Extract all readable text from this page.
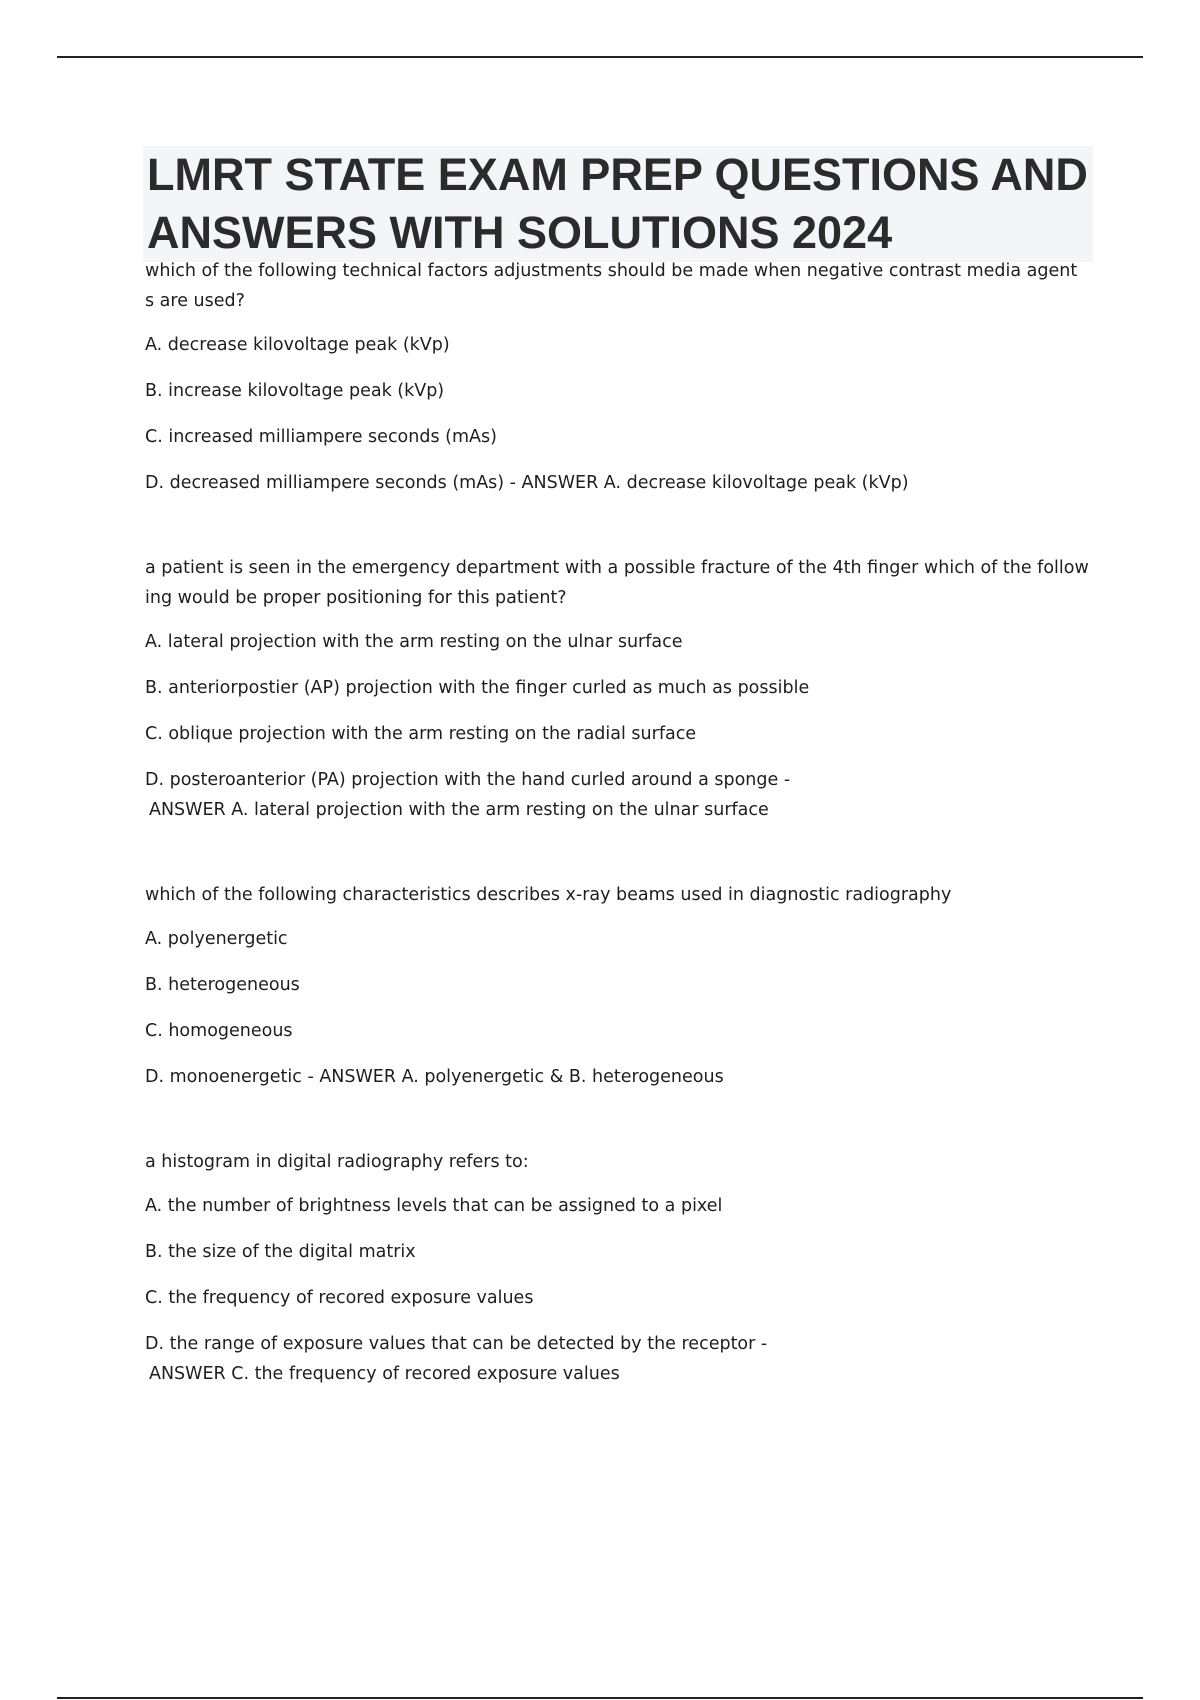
LMRT STATE EXAM PREP QUESTIONS AND ANSWERS WITH SOLUTIONS 2024

which of the following technical factors adjustments should be made when negative contrast media agent s are used?

A. decrease kilovoltage peak (kVp)

B. increase kilovoltage peak (kVp)

C. increased milliampere seconds (mAs)

D. decreased milliampere seconds (mAs) - ANSWER A. decrease kilovoltage peak (kVp)

a patient is seen in the emergency department with a possible fracture of the 4th finger which of the following would be proper positioning for this patient?

A. lateral projection with the arm resting on the ulnar surface

B. anteriorpostier (AP) projection with the finger curled as much as possible

C. oblique projection with the arm resting on the radial surface

D. posteroanterior (PA) projection with the hand curled around a sponge -
ANSWER A. lateral projection with the arm resting on the ulnar surface

which of the following characteristics describes x-ray beams used in diagnostic radiography

A. polyenergetic

B. heterogeneous

C. homogeneous

D. monoenergetic - ANSWER A. polyenergetic & B. heterogeneous

a histogram in digital radiography refers to:

A. the number of brightness levels that can be assigned to a pixel

B. the size of the digital matrix

C. the frequency of recored exposure values

D. the range of exposure values that can be detected by the receptor -
ANSWER C. the frequency of recored exposure values
